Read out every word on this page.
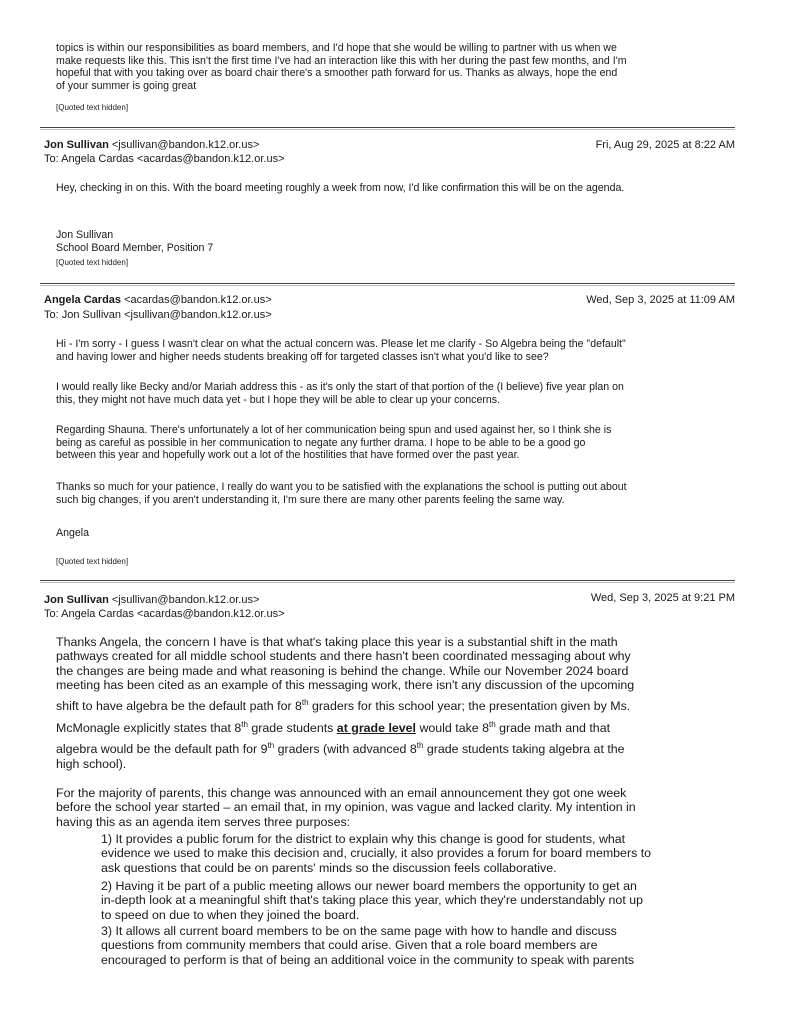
topics is within our responsibilities as board members, and I'd hope that she would be willing to partner with us when we

make requests like this. This isn't the first time I've had an interaction like this with her during the past few months, and I'm

hopeful that with you taking over as board chair there's a smoother path forward for us. Thanks as always, hope the end

of your summer is going great

[Quoted text hidden]
Jon Sullivan <jsullivan@bandon.k12.or.us>	Fri, Aug 29, 2025 at 8:22 AM
To: Angela Cardas <acardas@bandon.k12.or.us>
Hey, checking in on this. With the board meeting roughly a week from now, I'd like confirmation this will be on the agenda.
Jon Sullivan
School Board Member, Position 7
[Quoted text hidden]
Angela Cardas <acardas@bandon.k12.or.us>	Wed, Sep 3, 2025 at 11:09 AM
To: Jon Sullivan <jsullivan@bandon.k12.or.us>

Hi - I'm sorry - I guess I wasn't clear on what the actual concern was. Please let me clarify - So Algebra being the "default"

and having lower and higher needs students breaking off for targeted classes isn't what you'd like to see?

I would really like Becky and/or Mariah address this - as it's only the start of that portion of the (I believe) five year plan on

this, they might not have much data yet - but I hope they will be able to clear up your concerns.

Regarding Shauna. There's unfortunately a lot of her communication being spun and used against her, so I think she is

being as careful as possible in her communication to negate any further drama. I hope to be able to be a good go

between this year and hopefully work out a lot of the hostilities that have formed over the past year.

Thanks so much for your patience, I really do want you to be satisfied with the explanations the school is putting out about

such big changes, if you aren't understanding it, I'm sure there are many other parents feeling the same way.

Angela
[Quoted text hidden]
Jon Sullivan <jsullivan@bandon.k12.or.us>	Wed, Sep 3, 2025 at 9:21 PM
To: Angela Cardas <acardas@bandon.k12.or.us>

Thanks Angela, the concern I have is that what's taking place this year is a substantial shift in the math

pathways created for all middle school students and there hasn't been coordinated messaging about why

the changes are being made and what reasoning is behind the change. While our November 2024 board

meeting has been cited as an example of this messaging work, there isn't any discussion of the upcoming

shift to have algebra be the default path for 8th graders for this school year; the presentation given by Ms.
McMonagle explicitly states that 8th grade students at grade level would take 8th grade math and that
algebra would be the default path for 9th graders (with advanced 8th grade students taking algebra at the
high school).

For the majority of parents, this change was announced with an email announcement they got one week

before the school year started – an email that, in my opinion, was vague and lacked clarity. My intention in

having this as an agenda item serves three purposes:

1) It provides a public forum for the district to explain why this change is good for students, what

evidence we used to make this decision and, crucially, it also provides a forum for board members to

ask questions that could be on parents' minds so the discussion feels collaborative.

2) Having it be part of a public meeting allows our newer board members the opportunity to get an

in-depth look at a meaningful shift that's taking place this year, which they're understandably not up

to speed on due to when they joined the board.

3) It allows all current board members to be on the same page with how to handle and discuss

questions from community members that could arise. Given that a role board members are

encouraged to perform is that of being an additional voice in the community to speak with parents
